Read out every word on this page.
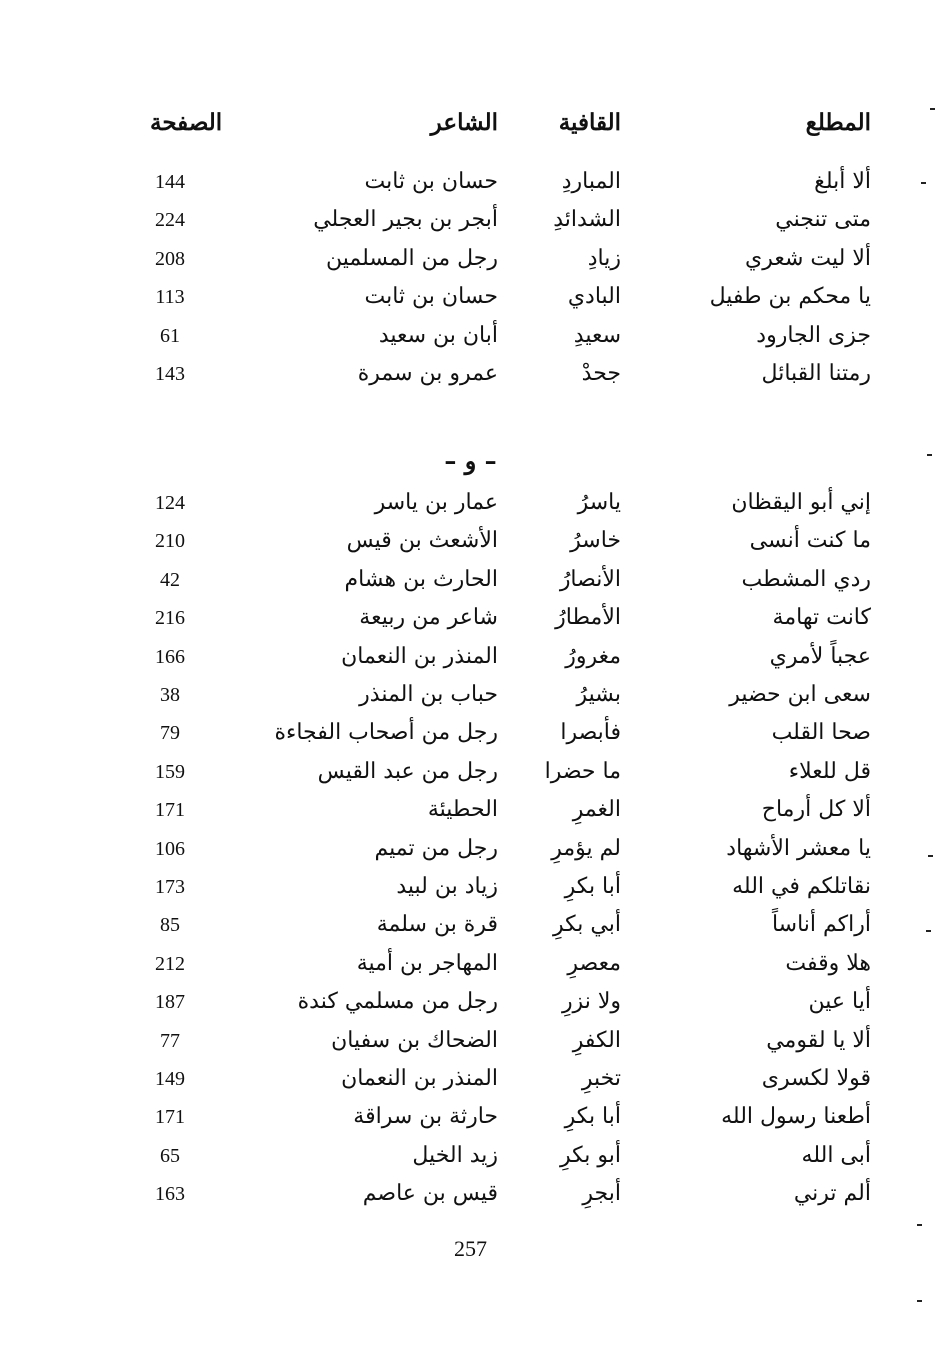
المطلع
القافية
الشاعر
الصفحة
ألا أبلغ
المباردِ
حسان بن ثابت
144
متى تنجني
الشدائدِ
أبجر بن بجير العجلي
224
ألا ليت شعري
زيادِ
رجل من المسلمين
208
يا محكم بن طفيل
البادي
حسان بن ثابت
113
جزى الجارود
سعيدِ
أبان بن سعيد
61
رمتنا القبائل
جحدْ
عمرو بن سمرة
143
– و –
إني أبو اليقظان
ياسرُ
عمار بن ياسر
124
ما كنت أنسى
خاسرُ
الأشعث بن قيس
210
ردي المشطب
الأنصارُ
الحارث بن هشام
42
كانت تهامة
الأمطارُ
شاعر من ربيعة
216
عجباً لأمري
مغرورُ
المنذر بن النعمان
166
سعى ابن حضير
بشيرُ
حباب بن المنذر
38
صحا القلب
فأبصرا
رجل من أصحاب الفجاءة
79
قل للعلاء
ما حضرا
رجل من عبد القيس
159
ألا كل أرماح
الغمرِ
الحطيئة
171
يا معشر الأشهاد
لم يؤمرِ
رجل من تميم
106
نقاتلكم في الله
أبا بكرِ
زياد بن لبيد
173
أراكم أناساً
أبي بكرِ
قرة بن سلمة
85
هلا وقفت
معصرِ
المهاجر بن أمية
212
أيا عين
ولا نزرِ
رجل من مسلمي كندة
187
ألا يا لقومي
الكفرِ
الضحاك بن سفيان
77
قولا لكسرى
تخبرِ
المنذر بن النعمان
149
أطعنا رسول الله
أبا بكرِ
حارثة بن سراقة
171
أبى الله
أبو بكرِ
زيد الخيل
65
ألم ترني
أبجرِ
قيس بن عاصم
163
257
